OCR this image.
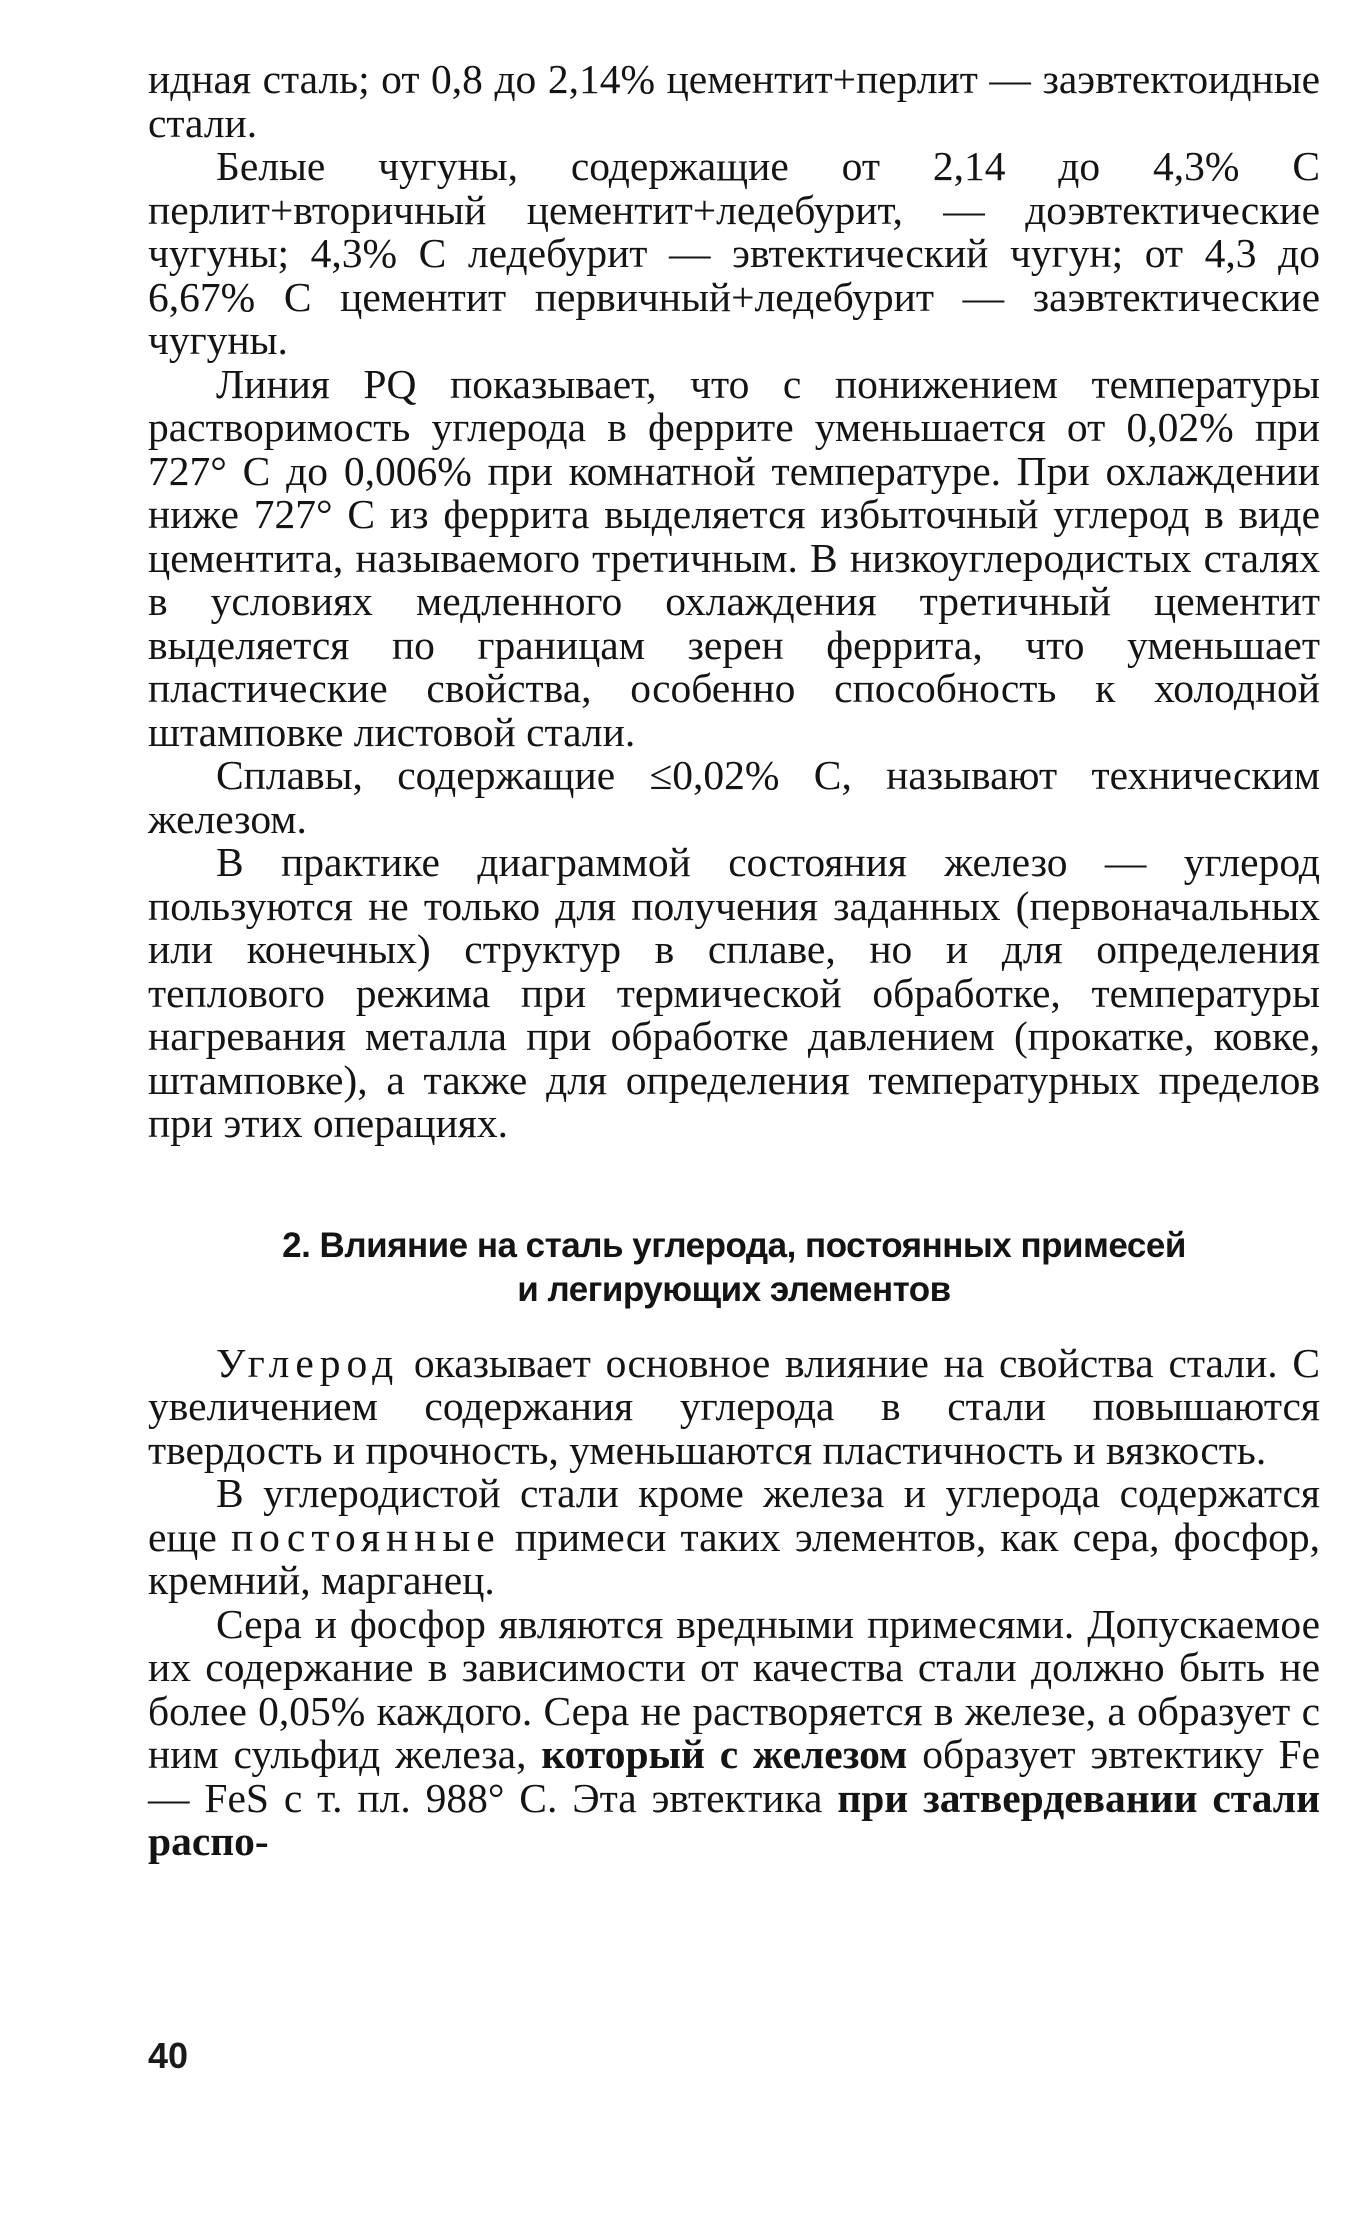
идная сталь; от 0,8 до 2,14% цементит+перлит — заэвтектоидные стали.

Белые чугуны, содержащие от 2,14 до 4,3% С перлит+вторичный цементит+ледебурит, — доэвтектические чугуны; 4,3% С ледебурит — эвтектический чугун; от 4,3 до 6,67% С цементит первичный+ледебурит — заэвтектические чугуны.

Линия PQ показывает, что с понижением температуры растворимость углерода в феррите уменьшается от 0,02% при 727° С до 0,006% при комнатной температуре. При охлаждении ниже 727° С из феррита выделяется избыточный углерод в виде цементита, называемого третичным. В низкоуглеродистых сталях в условиях медленного охлаждения третичный цементит выделяется по границам зерен феррита, что уменьшает пластические свойства, особенно способность к холодной штамповке листовой стали.

Сплавы, содержащие ≤0,02% С, называют техническим железом.

В практике диаграммой состояния железо — углерод пользуются не только для получения заданных (первоначальных или конечных) структур в сплаве, но и для определения теплового режима при термической обработке, температуры нагревания металла при обработке давлением (прокатке, ковке, штамповке), а также для определения температурных пределов при этих операциях.

2. Влияние на сталь углерода, постоянных примесей
и легирующих элементов

Углерод оказывает основное влияние на свойства стали. С увеличением содержания углерода в стали повышаются твердость и прочность, уменьшаются пластичность и вязкость.

В углеродистой стали кроме железа и углерода содержатся еще постоянные примеси таких элементов, как сера, фосфор, кремний, марганец.

Сера и фосфор являются вредными примесями. Допускаемое их содержание в зависимости от качества стали должно быть не более 0,05% каждого. Сера не растворяется в железе, а образует с ним сульфид железа, который с железом образует эвтектику Fe — FeS с т. пл. 988° С. Эта эвтектика при затвердевании стали распо-

40
